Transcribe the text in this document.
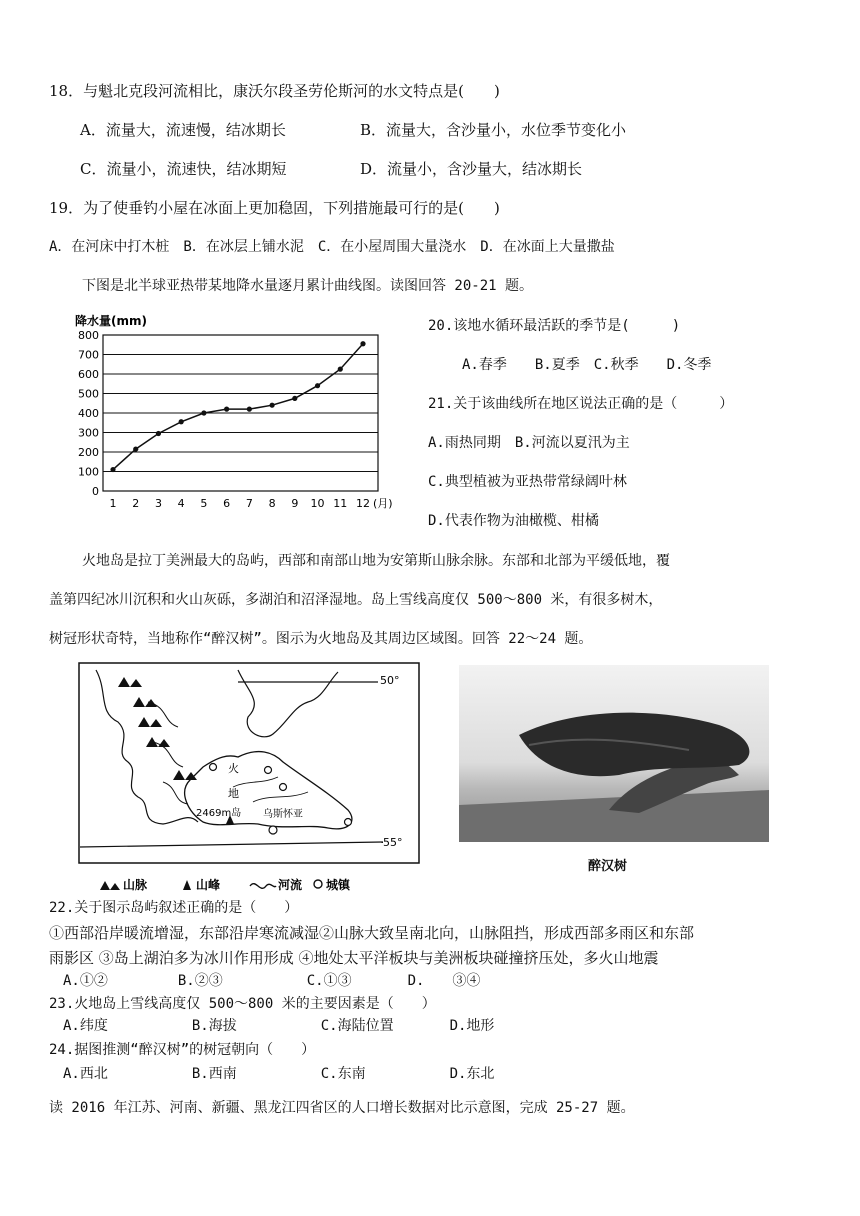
18．与魁北克段河流相比，康沃尔段圣劳伦斯河的水文特点是(　　)
A．流量大，流速慢，结冰期长	B．流量大，含沙量小，水位季节变化小
C．流量小，流速快，结冰期短	D．流量小，含沙量大，结冰期长
19．为了使垂钓小屋在冰面上更加稳固，下列措施最可行的是(　　)
A．在河床中打木桩　B．在冰层上铺水泥　C．在小屋周围大量浇水　D．在冰面上大量撒盐
下图是北半球亚热带某地降水量逐月累计曲线图。读图回答 20-21 题。
降水量(mm)
0
100
200
300
400
500
600
700
800
1 2 3 4 5 6 7 8 9 10 11 12 (月)
20.该地水循环最活跃的季节是(　　　)
A.春季　　B.夏季　C.秋季　　D.冬季
21.关于该曲线所在地区说法正确的是（　　　）
A.雨热同期　B.河流以夏汛为主
C.典型植被为亚热带常绿阔叶林
D.代表作物为油橄榄、柑橘
火地岛是拉丁美洲最大的岛屿，西部和南部山地为安第斯山脉余脉。东部和北部为平缓低地，覆
盖第四纪冰川沉积和火山灰砾，多湖泊和沼泽湿地。岛上雪线高度仅 500～800 米，有很多树木，
树冠形状奇特，当地称作“醉汉树”。图示为火地岛及其周边区域图。回答 22～24 题。
50°
55°
火
地
2469m岛 乌斯怀亚
山脉	山峰	河流 城镇
醉汉树
22.关于图示岛屿叙述正确的是（　　）
①西部沿岸暖流增湿，东部沿岸寒流减湿②山脉大致呈南北向，山脉阻挡，形成西部多雨区和东部
雨影区 ③岛上湖泊多为冰川作用形成 ④地处太平洋板块与美洲板块碰撞挤压处，多火山地震
　A.①②　　　　　B.②③　　　　　　C.①③　　　　D.　　③④
23.火地岛上雪线高度仅 500～800 米的主要因素是（　　）
　A.纬度　　　　　　B.海拔　　　　　　C.海陆位置　　　　D.地形
24.据图推测“醉汉树”的树冠朝向（　　）
　A.西北　　　　　　B.西南　　　　　　C.东南　　　　　　D.东北
读 2016 年江苏、河南、新疆、黑龙江四省区的人口增长数据对比示意图，完成 25-27 题。
